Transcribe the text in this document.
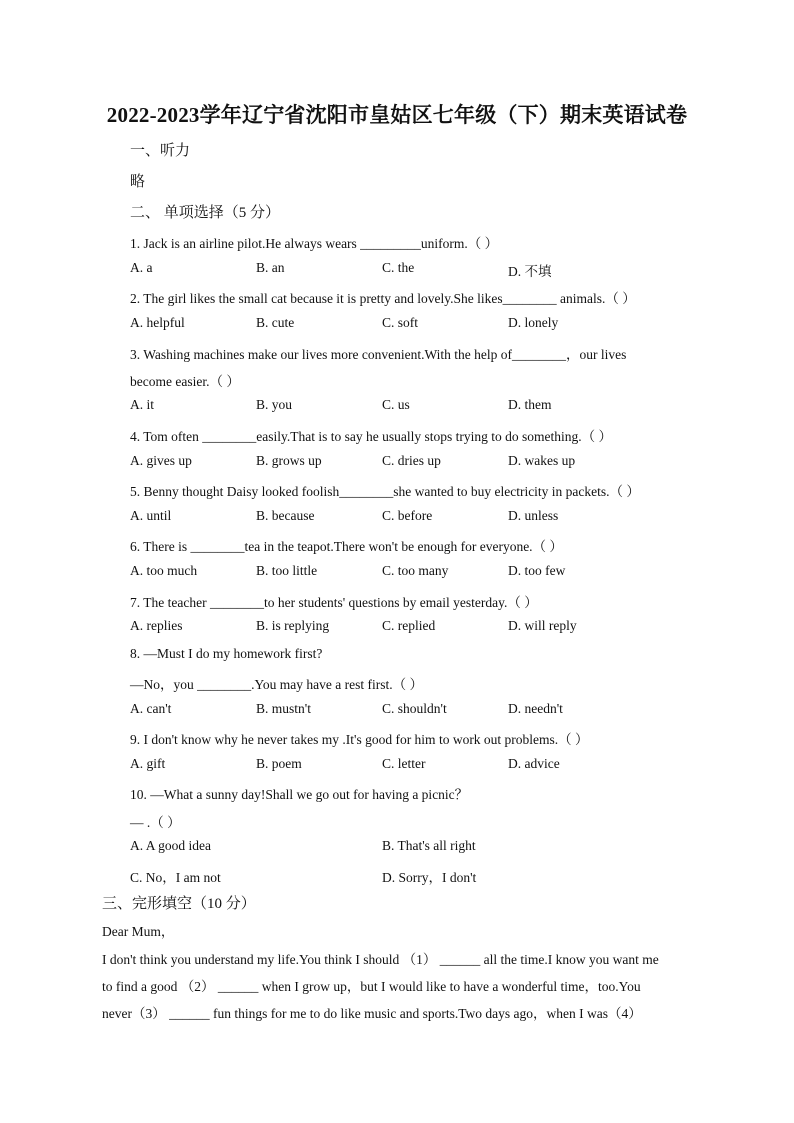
2022-2023学年辽宁省沈阳市皇姑区七年级（下）期末英语试卷
一、听力
略
二、 单项选择（5 分）
1. Jack is an airline pilot.He always wears _________uniform.（ ）
A. a	B. an	C. the	D. 不填
2. The girl likes the small cat because it is pretty and lovely.She likes________ animals.（ ）
A. helpful	B. cute	C. soft	D. lonely
3. Washing machines make our lives more convenient.With the help of________，our lives
become easier.（ ）
A. it	B. you	C. us	D. them
4. Tom often ________easily.That is to say he usually stops trying to do something.（ ）
A. gives up	B. grows up	C. dries up	D. wakes up
5. Benny thought Daisy looked foolish________she wanted to buy electricity in packets.（ ）
A. until	B. because	C. before	D. unless
6. There is ________tea in the teapot.There won't be enough for everyone.（ ）
A. too much	B. too little	C. too many	D. too few
7. The teacher ________to her students' questions by email yesterday.（ ）
A. replies	B. is replying	C. replied	D. will reply
8. —Must I do my homework first?
—No，you ________.You may have a rest first.（ ）
A. can't	B. mustn't	C. shouldn't	D. needn't
9. I don't know why he never takes my .It's good for him to work out problems.（ ）
A. gift	B. poem	C. letter	D. advice
10. —What a sunny day!Shall we go out for having a picnic？
— .（ ）
A. A good idea	B. That's all right
C. No，I am not	D. Sorry，I don't
三、完形填空（10 分）
Dear Mum，
I don't think you understand my life.You think I should （1） ______ all the time.I know you want me
to find a good （2） ______ when I grow up，but I would like to have a wonderful time，too.You
never（3） ______ fun things for me to do like music and sports.Two days ago，when I was（4）
